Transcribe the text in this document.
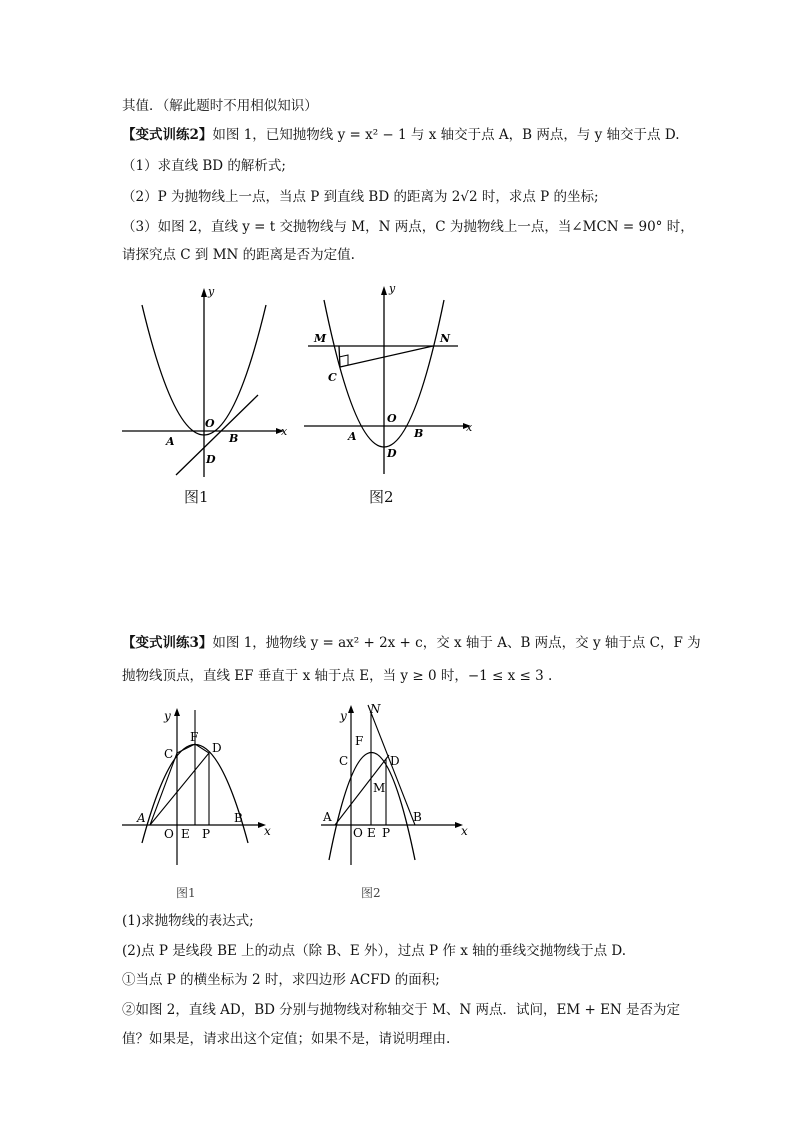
其值．（解此题时不用相似知识）
【变式训练2】如图 1，已知抛物线 y = x² − 1 与 x 轴交于点 A，B 两点，与 y 轴交于点 D.
（1）求直线 BD 的解析式;
（2）P 为抛物线上一点，当点 P 到直线 BD 的距离为 2√2 时，求点 P 的坐标;
（3）如图 2，直线 y = t 交抛物线与 M，N 两点，C 为抛物线上一点，当∠MCN = 90° 时，
请探究点 C 到 MN 的距离是否为定值.
y
x
O
A	B
D
图1
y
x
O
A	B
D
M	N
C
图2
【变式训练3】如图 1，抛物线 y = ax² + 2x + c，交 x 轴于 A、B 两点，交 y 轴于点 C，F 为
抛物线顶点，直线 EF 垂直于 x 轴于点 E，当 y ≥ 0 时，−1 ≤ x ≤ 3 .
y
x
A
O E P
B
C
F
D
图1
y
x
N
F
C	D
M
A
O E P
B
图2
(1)求抛物线的表达式;
(2)点 P 是线段 BE 上的动点（除 B、E 外），过点 P 作 x 轴的垂线交抛物线于点 D.
①当点 P 的横坐标为 2 时，求四边形 ACFD 的面积;
②如图 2，直线 AD，BD 分别与抛物线对称轴交于 M、N 两点．试问，EM + EN 是否为定
值？如果是，请求出这个定值；如果不是，请说明理由.
